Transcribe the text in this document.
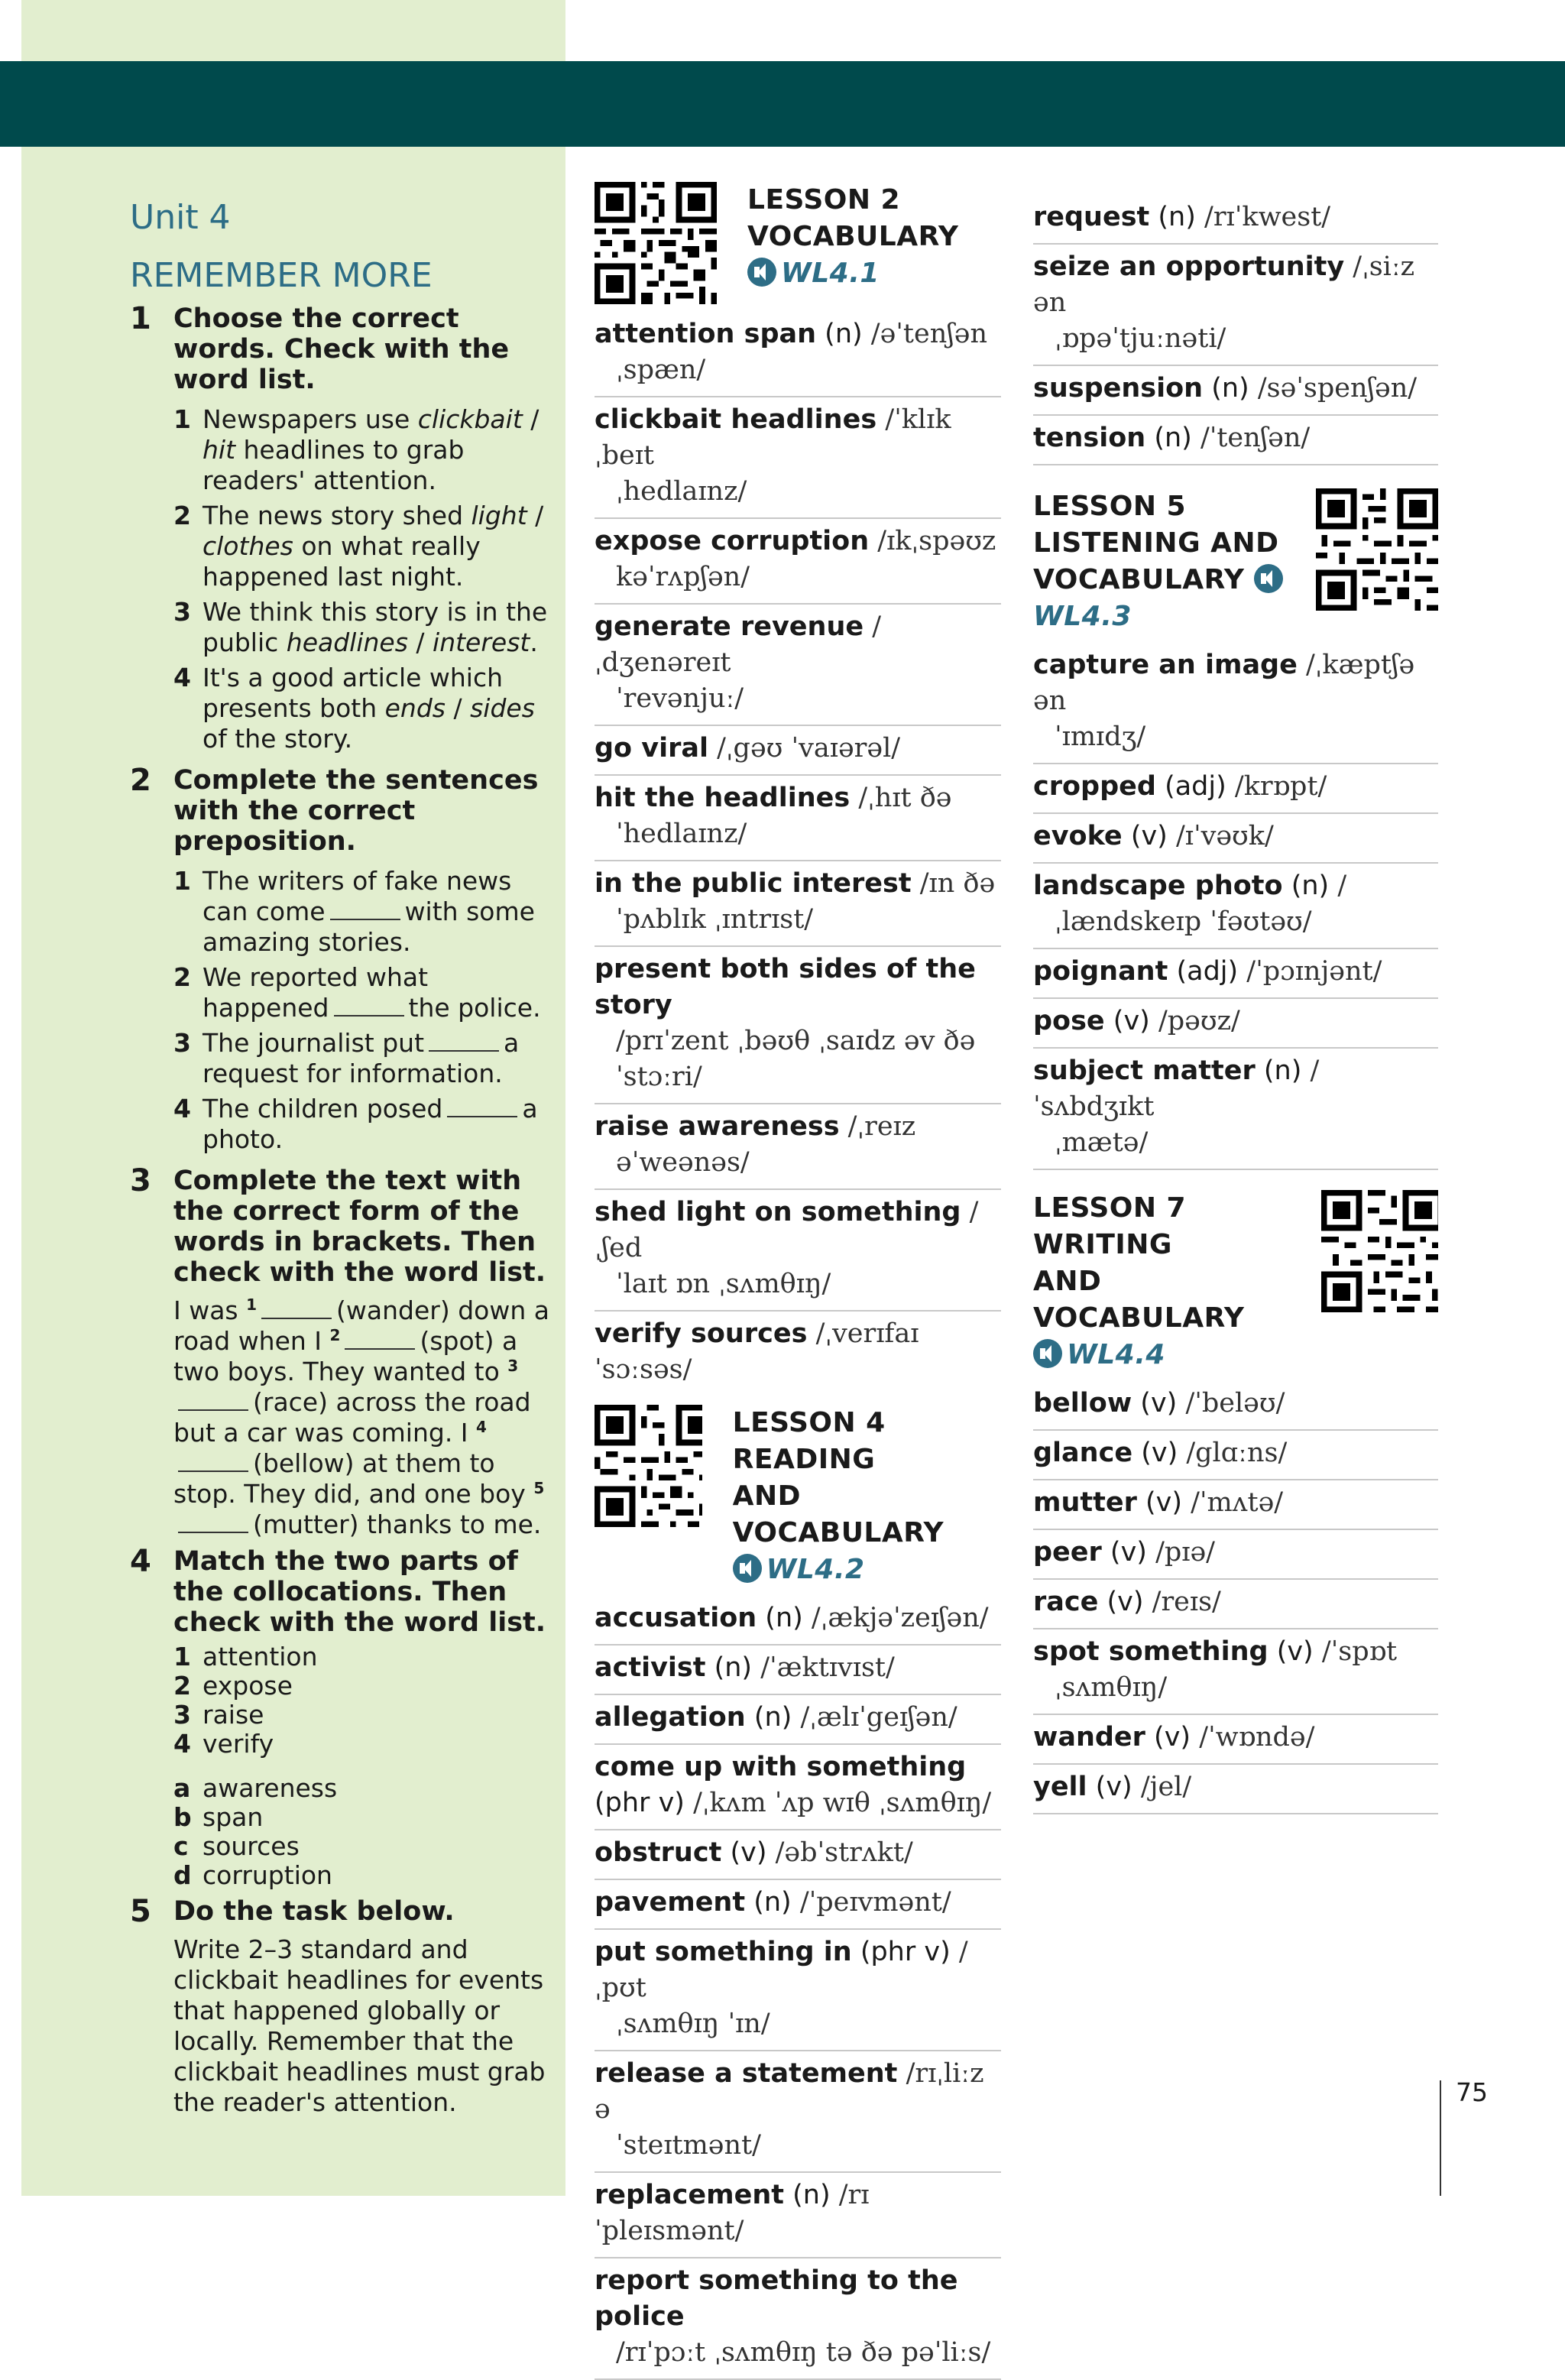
Unit 4
REMEMBER MORE
1 Choose the correct words. Check with the word list.
1 Newspapers use clickbait / hit headlines to grab readers' attention.
2 The news story shed light / clothes on what really happened last night.
3 We think this story is in the public headlines / interest.
4 It's a good article which presents both ends / sides of the story.
2 Complete the sentences with the correct preposition.
1 The writers of fake news can come	with some amazing stories.
2 We reported what happened	the police.
3 The journalist put	a request for information.
4 The children posed	a photo.
3 Complete the text with the correct form of the words in brackets. Then check with the word list.
I was $^1$	(wander) down a road when I $^2$	(spot) a two boys. They wanted to $^3$(race) across the road but a car was coming. I $^4$(bellow) at them to stop. They did, and one boy $^5$(mutter) thanks to me.
4 Match the two parts of the collocations. Then check with the word list.
1 attention
2 expose
3 raise
4 verify
a awareness
b span
c sources
d corruption
5 Do the task below.
Write 2–3 standard and clickbait headlines for events that happened globally or locally. Remember that the clickbait headlines must grab the reader's attention.
LESSON 2
VOCABULARY
WL4.1
attention span (n) /əˈtenʃən
ˌspæn/
clickbait headlines /ˈklɪkˌbeɪt
ˌhedlaɪnz/
expose corruption /ɪkˌspəʊz
kəˈrʌpʃən/
generate revenue /ˌdʒenəreɪt
ˈrevənjuː/
go viral /ˌgəʊ ˈvaɪərəl/
hit the headlines /ˌhɪt ðə
ˈhedlaɪnz/
in the public interest /ɪn ðə
ˈpʌblɪk ˌɪntrɪst/
present both sides of the story
/prɪˈzent ˌbəʊθ ˌsaɪdz əv ðə ˈstɔːri/
raise awareness /ˌreɪz
əˈweənəs/
shed light on something /ˌʃed
ˈlaɪt ɒn ˌsʌmθɪŋ/
verify sources /ˌverɪfaɪ ˈsɔːsəs/
LESSON 4 READING
AND VOCABULARY
WL4.2
accusation (n) /ˌækjəˈzeɪʃən/
activist (n) /ˈæktɪvɪst/
allegation (n) /ˌælɪˈgeɪʃən/
come up with something (phr v) /ˌkʌm ˈʌp wɪθ ˌsʌmθɪŋ/
obstruct (v) /əbˈstrʌkt/
pavement (n) /ˈpeɪvmənt/
put something in (phr v) /ˌpʊt
ˌsʌmθɪŋ ˈɪn/
release a statement /rɪˌliːz ə
ˈsteɪtmənt/
replacement (n) /rɪˈpleɪsmənt/
report something to the police
/rɪˈpɔːt ˌsʌmθɪŋ tə ðə pəˈliːs/
request (n) /rɪˈkwest/
seize an opportunity /ˌsiːz ən
ˌɒpəˈtjuːnəti/
suspension (n) /səˈspenʃən/
tension (n) /ˈtenʃən/
LESSON 5
LISTENING AND
VOCABULARY
WL4.3
capture an image /ˌkæptʃə ən
ˈɪmɪdʒ/
cropped (adj) /krɒpt/
evoke (v) /ɪˈvəʊk/
landscape photo (n) /
ˌlændskeɪp ˈfəʊtəʊ/
poignant (adj) /ˈpɔɪnjənt/
pose (v) /pəʊz/
subject matter (n) /ˈsʌbdʒɪkt
ˌmætə/
LESSON 7 WRITING
AND VOCABULARY
WL4.4
bellow (v) /ˈbeləʊ/
glance (v) /glɑːns/
mutter (v) /ˈmʌtə/
peer (v) /pɪə/
race (v) /reɪs/
spot something (v) /ˈspɒt
ˌsʌmθɪŋ/
wander (v) /ˈwɒndə/
yell (v) /jel/
75
